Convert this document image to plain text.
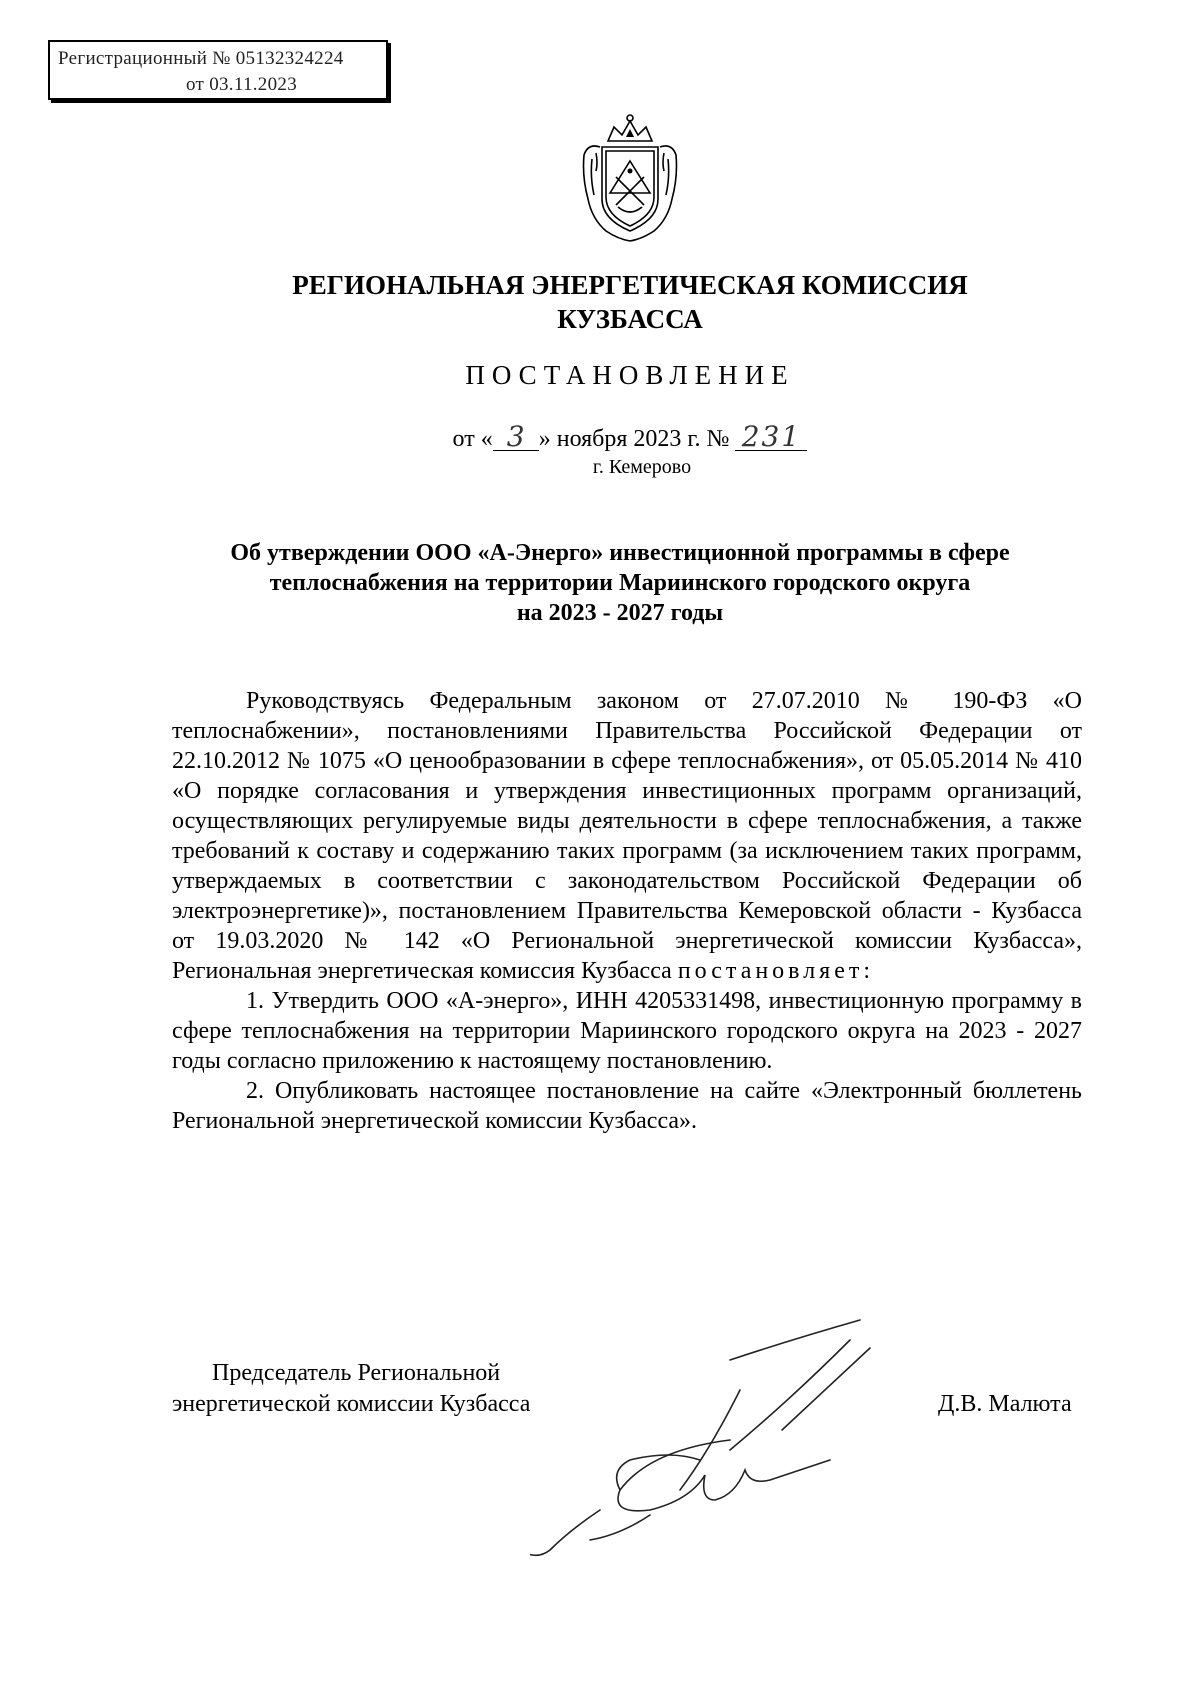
Регистрационный № 05132324224
от 03.11.2023
РЕГИОНАЛЬНАЯ ЭНЕРГЕТИЧЕСКАЯ КОМИССИЯ
КУЗБАССА
ПОСТАНОВЛЕНИЕ
от « 3 » ноября 2023 г. № 231
г. Кемерово
Об утверждении ООО «А-Энерго» инвестиционной программы в сфере
теплоснабжения на территории Мариинского городского округа
на 2023 - 2027 годы

Руководствуясь Федеральным законом от 27.07.2010 № 190-ФЗ «О теплоснабжении», постановлениями Правительства Российской Федерации от 22.10.2012 № 1075 «О ценообразовании в сфере теплоснабжения», от 05.05.2014 № 410 «О порядке согласования и утверждения инвестиционных программ организаций, осуществляющих регулируемые виды деятельности в сфере теплоснабжения, а также требований к составу и содержанию таких программ (за исключением таких программ, утверждаемых в соответствии с законодательством Российской Федерации об электроэнергетике)», постановлением Правительства Кемеровской области - Кузбасса от 19.03.2020 № 142 «О Региональной энергетической комиссии Кузбасса», Региональная энергетическая комиссия Кузбасса постановляет:

1. Утвердить ООО «А-энерго», ИНН 4205331498, инвестиционную программу в сфере теплоснабжения на территории Мариинского городского округа на 2023 - 2027 годы согласно приложению к настоящему постановлению.

2. Опубликовать настоящее постановление на сайте «Электронный бюллетень Региональной энергетической комиссии Кузбасса».

Председатель Региональной
энергетической комиссии Кузбасса	Д.В. Малюта
